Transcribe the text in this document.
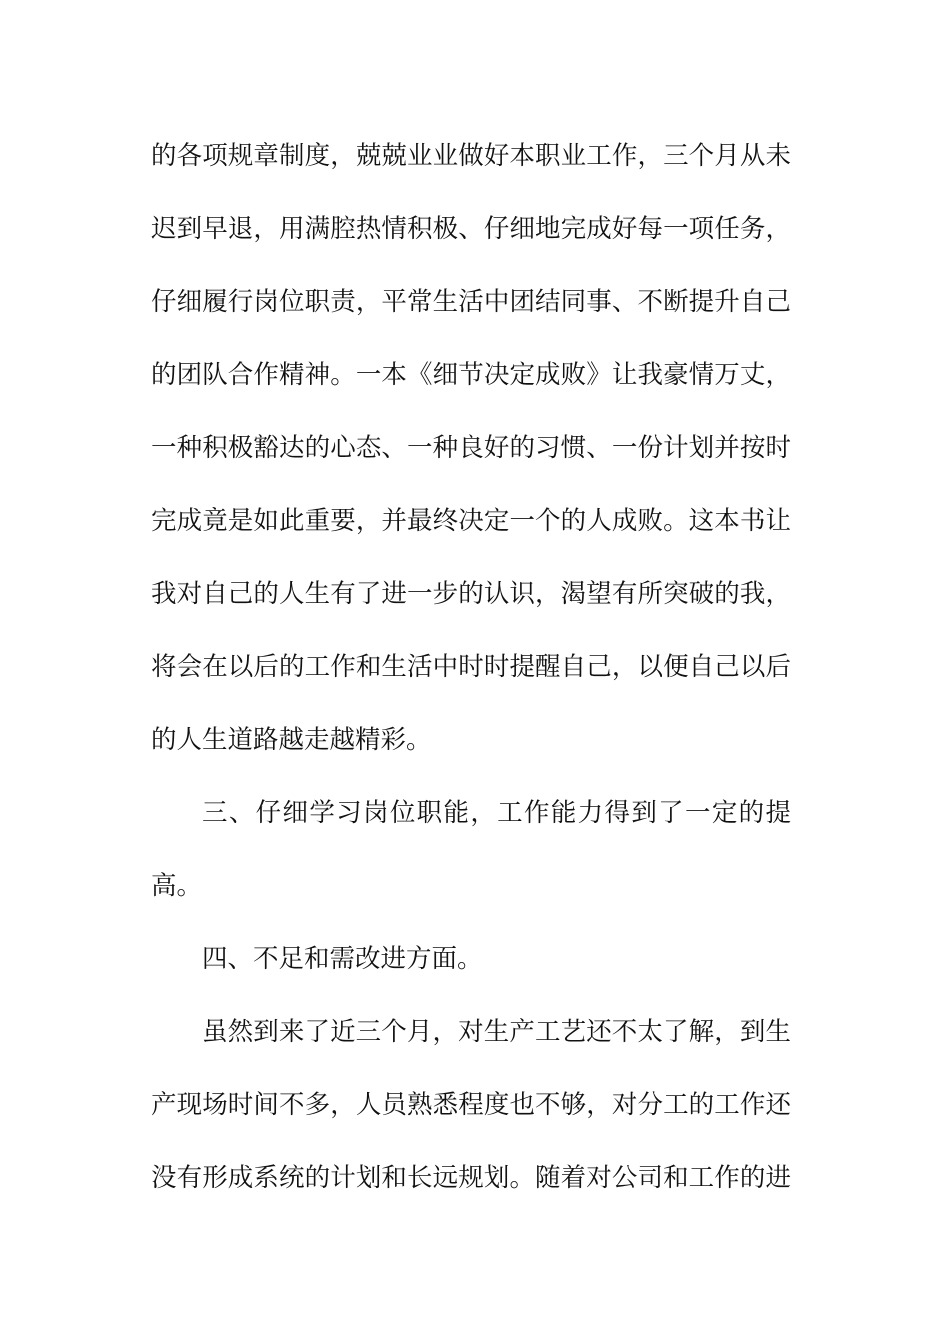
的各项规章制度，兢兢业业做好本职业工作，三个月从未
迟到早退，用满腔热情积极、仔细地完成好每一项任务，
仔细履行岗位职责，平常生活中团结同事、不断提升自己
的团队合作精神。一本《细节决定成败》让我豪情万丈，
一种积极豁达的心态、一种良好的习惯、一份计划并按时
完成竟是如此重要，并最终决定一个的人成败。这本书让
我对自己的人生有了进一步的认识，渴望有所突破的我，
将会在以后的工作和生活中时时提醒自己，以便自己以后
的人生道路越走越精彩。
三、仔细学习岗位职能，工作能力得到了一定的提
高。
四、不足和需改进方面。
虽然到来了近三个月，对生产工艺还不太了解，到生
产现场时间不多，人员熟悉程度也不够，对分工的工作还
没有形成系统的计划和长远规划。随着对公司和工作的进
